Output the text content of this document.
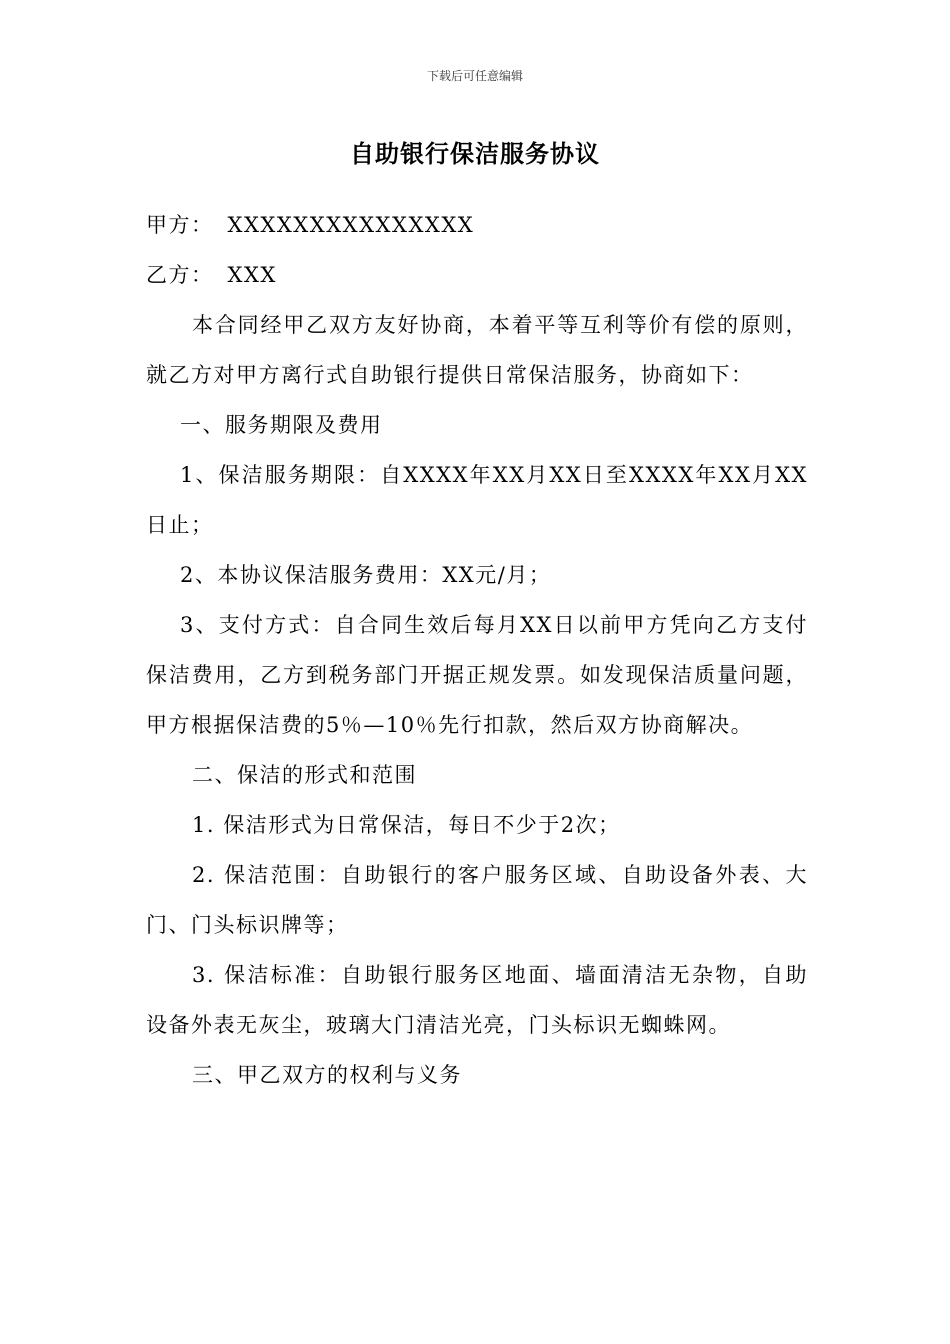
下载后可任意编辑
自助银行保洁服务协议

甲方： XXXXXXXXXXXXXXX

乙方： XXX

本合同经甲乙双方友好协商，本着平等互利等价有偿的原则，就乙方对甲方离行式自助银行提供日常保洁服务，协商如下：

一、服务期限及费用

1、保洁服务期限：自XXXX年XX月XX日至XXXX年XX月XX日止；

2、本协议保洁服务费用：XX元/月；

3、支付方式：自合同生效后每月XX日以前甲方凭向乙方支付保洁费用，乙方到税务部门开据正规发票。如发现保洁质量问题，甲方根据保洁费的5％—10％先行扣款，然后双方协商解决。

二、保洁的形式和范围

1. 保洁形式为日常保洁，每日不少于2次；

2. 保洁范围：自助银行的客户服务区域、自助设备外表、大门、门头标识牌等；

3. 保洁标准：自助银行服务区地面、墙面清洁无杂物，自助设备外表无灰尘，玻璃大门清洁光亮，门头标识无蜘蛛网。

三、甲乙双方的权利与义务
